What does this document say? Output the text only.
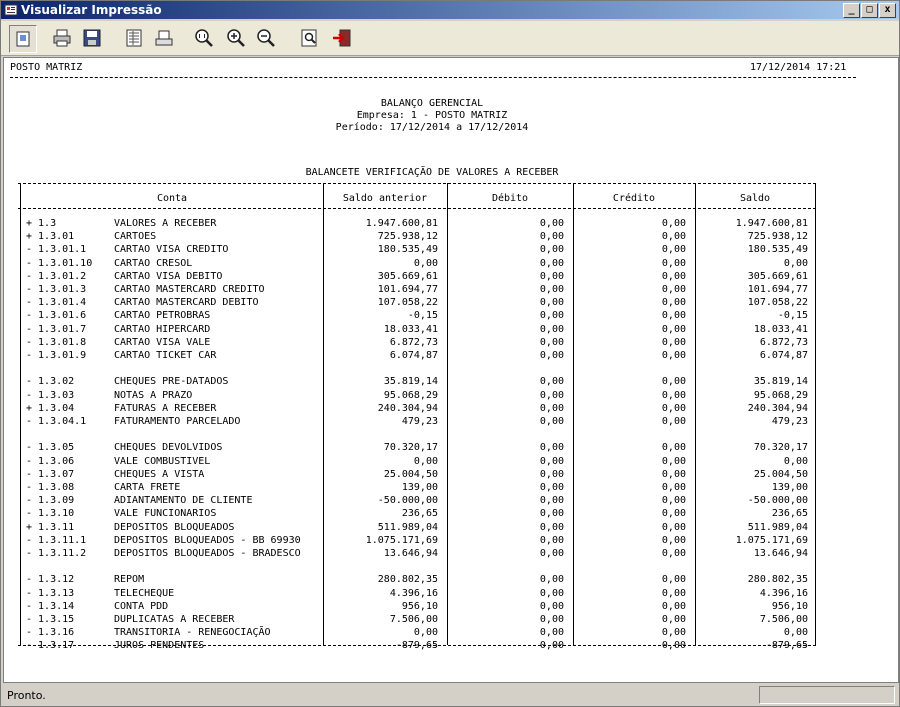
Visualizar Impressão	_ □ x
POSTO MATRIZ	17/12/2014 17:21
BALANÇO GERENCIAL
Empresa: 1 - POSTO MATRIZ
Período: 17/12/2014 a 17/12/2014
BALANCETE VERIFICAÇÃO DE VALORES A RECEBER
Conta	Saldo anterior	Débito	Crédito	Saldo
+ 1.3	VALORES A RECEBER	1.947.600,81	0,00	0,00	1.947.600,81
+ 1.3.01	CARTOES	725.938,12	0,00	0,00	725.938,12
- 1.3.01.1	CARTAO VISA CREDITO	180.535,49	0,00	0,00	180.535,49
- 1.3.01.10	CARTAO CRESOL	0,00	0,00	0,00	0,00
- 1.3.01.2	CARTAO VISA DEBITO	305.669,61	0,00	0,00	305.669,61
- 1.3.01.3	CARTAO MASTERCARD CREDITO	101.694,77	0,00	0,00	101.694,77
- 1.3.01.4	CARTAO MASTERCARD DEBITO	107.058,22	0,00	0,00	107.058,22
- 1.3.01.6	CARTAO PETROBRAS	-0,15	0,00	0,00	-0,15
- 1.3.01.7	CARTAO HIPERCARD	18.033,41	0,00	0,00	18.033,41
- 1.3.01.8	CARTAO VISA VALE	6.872,73	0,00	0,00	6.872,73
- 1.3.01.9	CARTAO TICKET CAR	6.074,87	0,00	0,00	6.074,87
- 1.3.02	CHEQUES PRE-DATADOS	35.819,14	0,00	0,00	35.819,14
- 1.3.03	NOTAS A PRAZO	95.068,29	0,00	0,00	95.068,29
+ 1.3.04	FATURAS A RECEBER	240.304,94	0,00	0,00	240.304,94
- 1.3.04.1	FATURAMENTO PARCELADO	479,23	0,00	0,00	479,23
- 1.3.05	CHEQUES DEVOLVIDOS	70.320,17	0,00	0,00	70.320,17
- 1.3.06	VALE COMBUSTIVEL	0,00	0,00	0,00	0,00
- 1.3.07	CHEQUES A VISTA	25.004,50	0,00	0,00	25.004,50
- 1.3.08	CARTA FRETE	139,00	0,00	0,00	139,00
- 1.3.09	ADIANTAMENTO DE CLIENTE	-50.000,00	0,00	0,00	-50.000,00
- 1.3.10	VALE FUNCIONARIOS	236,65	0,00	0,00	236,65
+ 1.3.11	DEPOSITOS BLOQUEADOS	511.989,04	0,00	0,00	511.989,04
- 1.3.11.1	DEPOSITOS BLOQUEADOS - BB 69930	1.075.171,69	0,00	0,00	1.075.171,69
- 1.3.11.2	DEPOSITOS BLOQUEADOS - BRADESCO	13.646,94	0,00	0,00	13.646,94
- 1.3.12	REPOM	280.802,35	0,00	0,00	280.802,35
- 1.3.13	TELECHEQUE	4.396,16	0,00	0,00	4.396,16
- 1.3.14	CONTA PDD	956,10	0,00	0,00	956,10
- 1.3.15	DUPLICATAS A RECEBER	7.506,00	0,00	0,00	7.506,00
- 1.3.16	TRANSITORIA - RENEGOCIAÇÃO	0,00	0,00	0,00	0,00
- 1.3.17	JUROS PENDENTES	-879,65	0,00	0,00	-879,65
Pronto.
